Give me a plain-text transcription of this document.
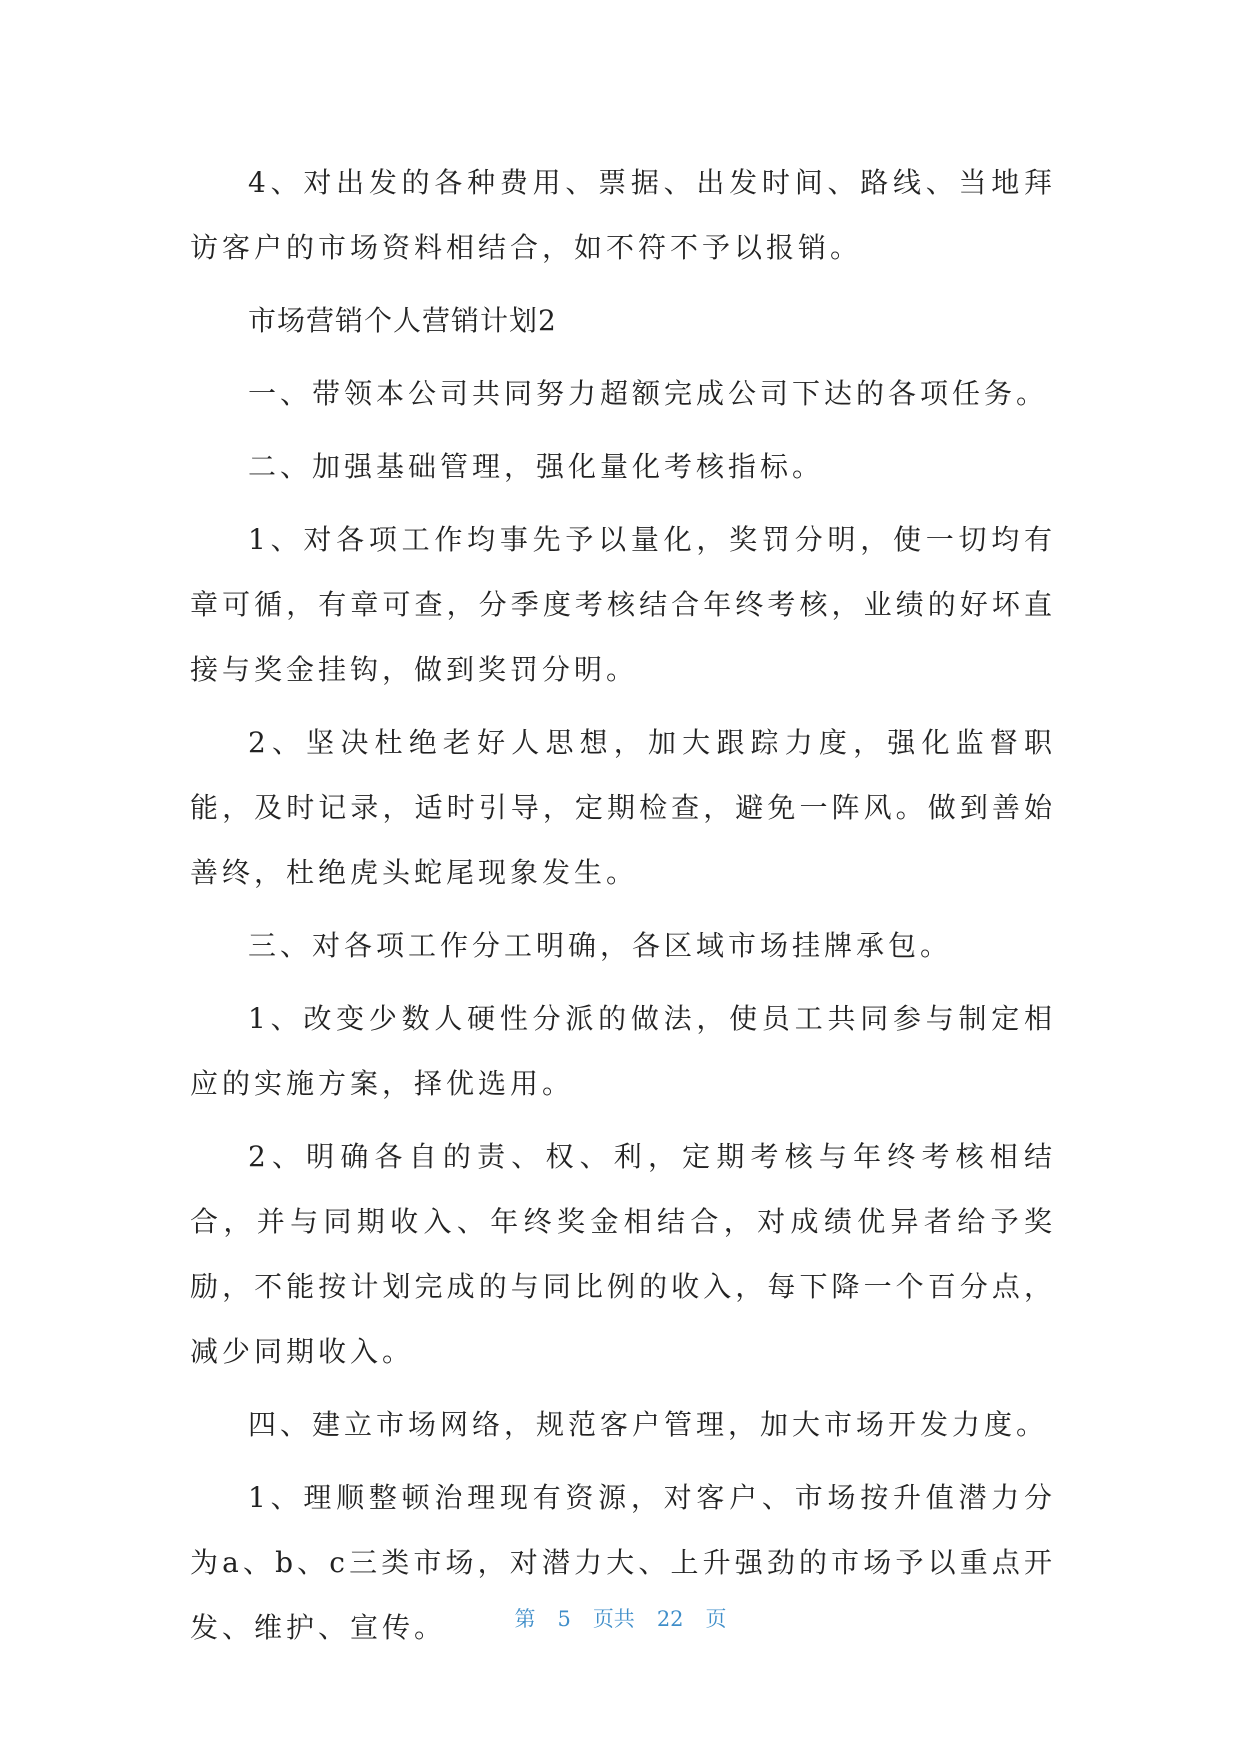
4、对出发的各种费用、票据、出发时间、路线、当地拜访客户的市场资料相结合，如不符不予以报销。

市场营销个人营销计划2

一、带领本公司共同努力超额完成公司下达的各项任务。

二、加强基础管理，强化量化考核指标。

1、对各项工作均事先予以量化，奖罚分明，使一切均有章可循，有章可查，分季度考核结合年终考核，业绩的好坏直接与奖金挂钩，做到奖罚分明。

2、坚决杜绝老好人思想，加大跟踪力度，强化监督职能，及时记录，适时引导，定期检查，避免一阵风。做到善始善终，杜绝虎头蛇尾现象发生。

三、对各项工作分工明确，各区域市场挂牌承包。

1、改变少数人硬性分派的做法，使员工共同参与制定相应的实施方案，择优选用。

2、明确各自的责、权、利，定期考核与年终考核相结合，并与同期收入、年终奖金相结合，对成绩优异者给予奖励，不能按计划完成的与同比例的收入，每下降一个百分点，减少同期收入。

四、建立市场网络，规范客户管理，加大市场开发力度。

1、理顺整顿治理现有资源，对客户、市场按升值潜力分为a、b、c三类市场，对潜力大、上升强劲的市场予以重点开发、维护、宣传。	第 5 页共 22 页
